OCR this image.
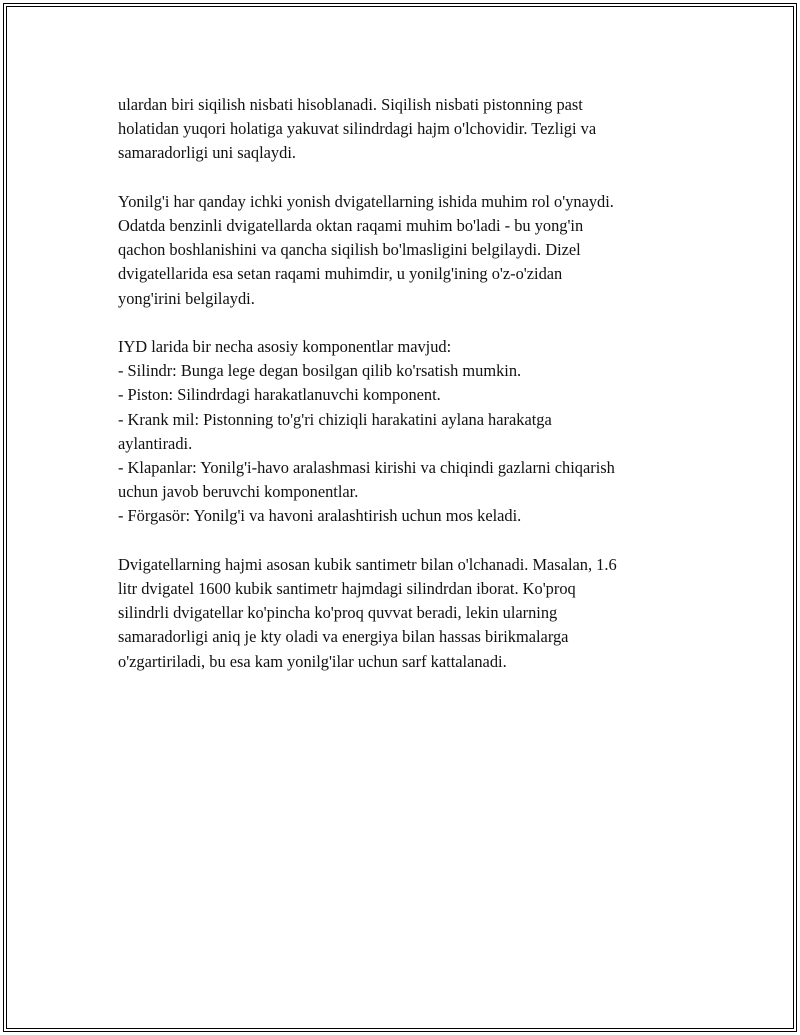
ulardan biri siqilish nisbati hisoblanadi. Siqilish nisbati pistonning past
holatidan yuqori holatiga yakuvat silindrdagi hajm o'lchovidir. Tezligi va
samaradorligi uni saqlaydi.

Yonilg'i har qanday ichki yonish dvigatellarning ishida muhim rol o'ynaydi.
Odatda benzinli dvigatellarda oktan raqami muhim bo'ladi - bu yong'in
qachon boshlanishini va qancha siqilish bo'lmasligini belgilaydi. Dizel
dvigatellarida esa setan raqami muhimdir, u yonilg'ining o'z-o'zidan
yong'irini belgilaydi.

IYD larida bir necha asosiy komponentlar mavjud:
- Silindr: Bunga lege degan bosilgan qilib ko'rsatish mumkin.
- Piston: Silindrdagi harakatlanuvchi komponent.
- Krank mil: Pistonning to'g'ri chiziqli harakatini aylana harakatga
aylantiradi.
- Klapanlar: Yonilg'i-havo aralashmasi kirishi va chiqindi gazlarni chiqarish
uchun javob beruvchi komponentlar.
- Förgasör: Yonilg'i va havoni aralashtirish uchun mos keladi.

Dvigatellarning hajmi asosan kubik santimetr bilan o'lchanadi. Masalan, 1.6
litr dvigatel 1600 kubik santimetr hajmdagi silindrdan iborat. Ko'proq
silindrli dvigatellar ko'pincha ko'proq quvvat beradi, lekin ularning
samaradorligi aniq je kty oladi va energiya bilan hassas birikmalarga
o'zgartiriladi, bu esa kam yonilg'ilar uchun sarf kattalanadi.
